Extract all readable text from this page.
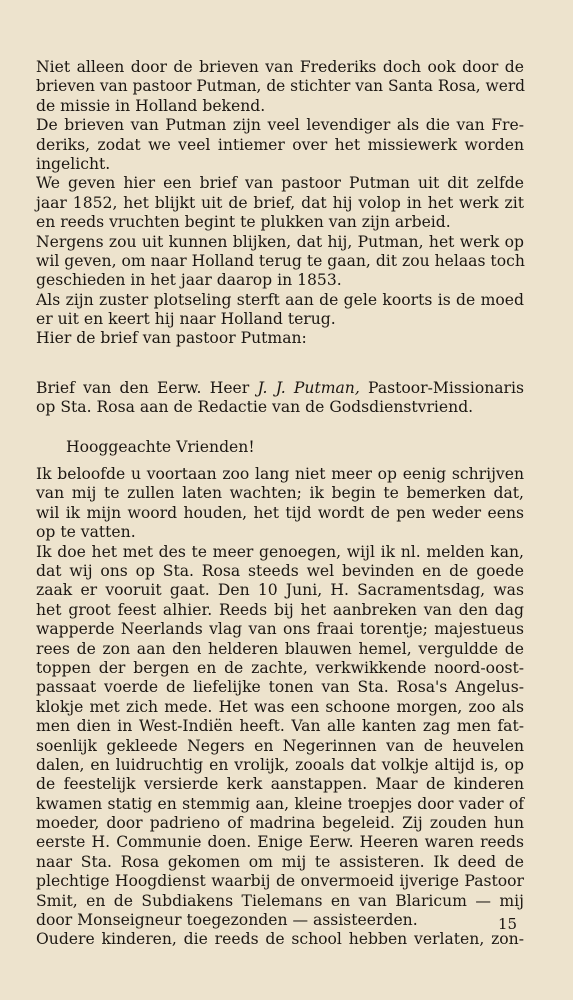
Niet alleen door de brieven van Frederiks doch ook door de
brieven van pastoor Putman, de stichter van Santa Rosa, werd
de missie in Holland bekend.
De brieven van Putman zijn veel levendiger als die van Fre-
deriks, zodat we veel intiemer over het missiewerk worden
ingelicht.
We geven hier een brief van pastoor Putman uit dit zelfde
jaar 1852, het blijkt uit de brief, dat hij volop in het werk zit
en reeds vruchten begint te plukken van zijn arbeid.
Nergens zou uit kunnen blijken, dat hij, Putman, het werk op
wil geven, om naar Holland terug te gaan, dit zou helaas toch
geschieden in het jaar daarop in 1853.
Als zijn zuster plotseling sterft aan de gele koorts is de moed
er uit en keert hij naar Holland terug.
Hier de brief van pastoor Putman:
Brief van den Eerw. Heer J. J. Putman, Pastoor-Missionaris
op Sta. Rosa aan de Redactie van de Godsdienstvriend.
Hooggeachte Vrienden!
Ik beloofde u voortaan zoo lang niet meer op eenig schrijven
van mij te zullen laten wachten; ik begin te bemerken dat,
wil ik mijn woord houden, het tijd wordt de pen weder eens
op te vatten.
Ik doe het met des te meer genoegen, wijl ik nl. melden kan,
dat wij ons op Sta. Rosa steeds wel bevinden en de goede
zaak er vooruit gaat. Den 10 Juni, H. Sacramentsdag, was
het groot feest alhier. Reeds bij het aanbreken van den dag
wapperde Neerlands vlag van ons fraai torentje; majestueus
rees de zon aan den helderen blauwen hemel, verguldde de
toppen der bergen en de zachte, verkwikkende noord-oost-
passaat voerde de liefelijke tonen van Sta. Rosa's Angelus-
klokje met zich mede. Het was een schoone morgen, zoo als
men dien in West-Indiën heeft. Van alle kanten zag men fat-
soenlijk gekleede Negers en Negerinnen van de heuvelen
dalen, en luidruchtig en vrolijk, zooals dat volkje altijd is, op
de feestelijk versierde kerk aanstappen. Maar de kinderen
kwamen statig en stemmig aan, kleine troepjes door vader of
moeder, door padrieno of madrina begeleid. Zij zouden hun
eerste H. Communie doen. Enige Eerw. Heeren waren reeds
naar Sta. Rosa gekomen om mij te assisteren. Ik deed de
plechtige Hoogdienst waarbij de onvermoeid ijverige Pastoor
Smit, en de Subdiakens Tielemans en van Blaricum — mij
door Monseigneur toegezonden — assisteerden.
Oudere kinderen, die reeds de school hebben verlaten, zon-
15
